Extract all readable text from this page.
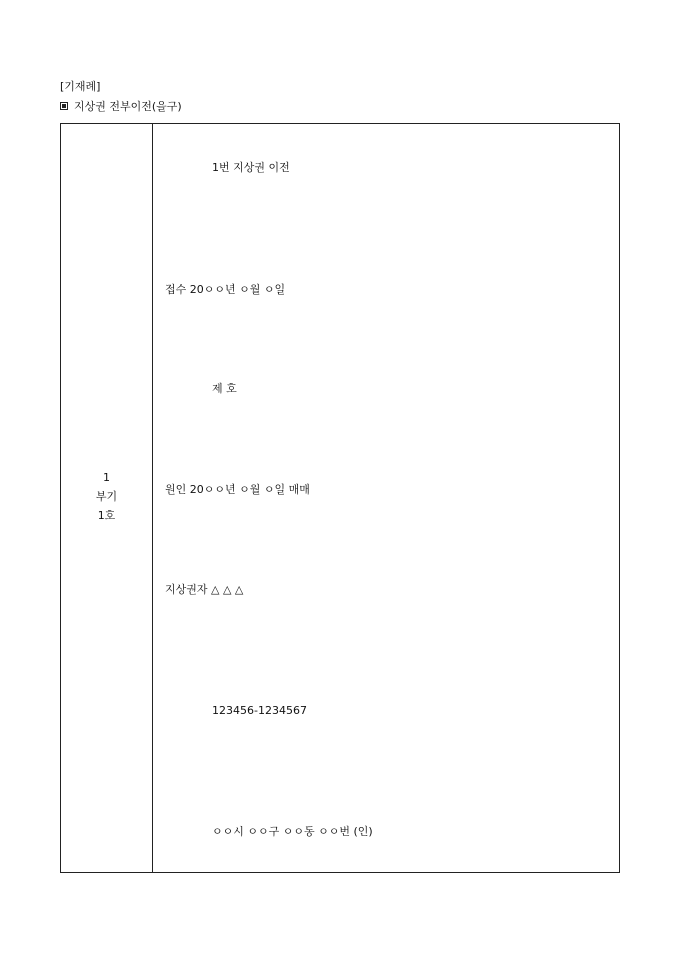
[기재례]
지상권 전부이전(을구)
1
부기
1호
1번 지상권 이전
접수 20ㅇㅇ년 ㅇ월 ㅇ일
제 호
원인 20ㅇㅇ년 ㅇ월 ㅇ일 매매
지상권자 △ △ △
123456-1234567
ㅇㅇ시 ㅇㅇ구 ㅇㅇ동 ㅇㅇ번 (인)
